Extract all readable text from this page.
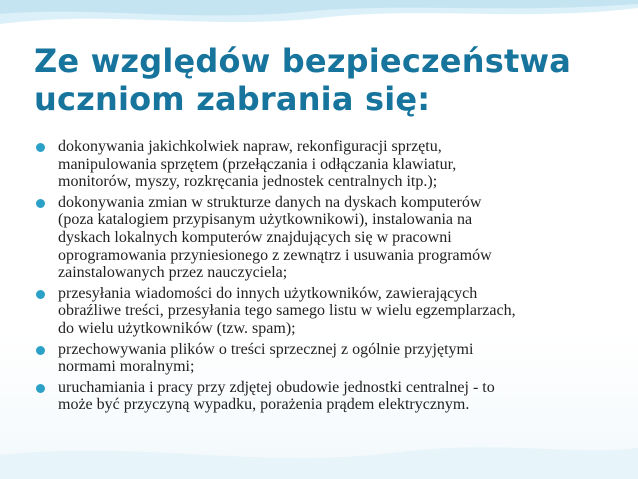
Ze względów bezpieczeństwa
uczniom zabrania się:
dokonywania jakichkolwiek napraw, rekonfiguracji sprzętu,
manipulowania sprzętem (przełączania i odłączania klawiatur,
monitorów, myszy, rozkręcania jednostek centralnych itp.);
dokonywania zmian w strukturze danych na dyskach komputerów
(poza katalogiem przypisanym użytkownikowi), instalowania na
dyskach lokalnych komputerów znajdujących się w pracowni
oprogramowania przyniesionego z zewnątrz i usuwania programów
zainstalowanych przez nauczyciela;
przesyłania wiadomości do innych użytkowników, zawierających
obraźliwe treści, przesyłania tego samego listu w wielu egzemplarzach,
do wielu użytkowników (tzw. spam);
przechowywania plików o treści sprzecznej z ogólnie przyjętymi
normami moralnymi;
uruchamiania i pracy przy zdjętej obudowie jednostki centralnej - to
może być przyczyną wypadku, porażenia prądem elektrycznym.
